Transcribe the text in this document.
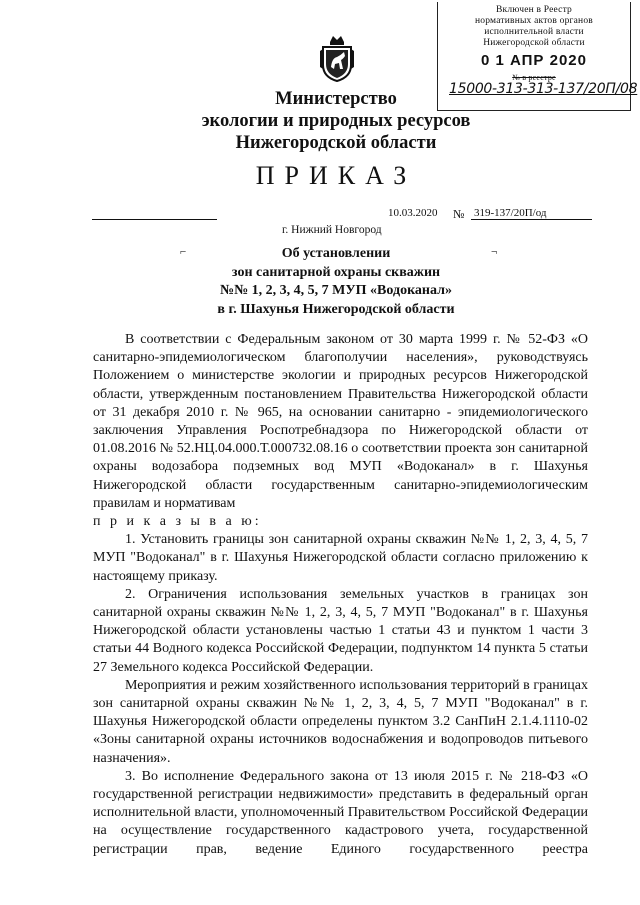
Включен в Реестр
нормативных актов органов
исполнительной власти
Нижегородской области
0 1 АПР 2020
№ в реестре
15000-313-313-137/20П/08
Министерство
экологии и природных ресурсов
Нижегородской области
ПРИКАЗ
10.03.2020 № 319-137/20П/од
г. Нижний Новгород
⌐	¬
Об установлении
зон санитарной охраны скважин
№№ 1, 2, 3, 4, 5, 7 МУП «Водоканал»
в г. Шахунья Нижегородской области

В соответствии с Федеральным законом от 30 марта 1999 г. № 52-ФЗ «О санитарно-эпидемиологическом благополучии населения», руководствуясь Положением о министерстве экологии и природных ресурсов Нижегородской области, утвержденным постановлением Правительства Нижегородской области от 31 декабря 2010 г. № 965, на основании санитарно - эпидемиологического заключения Управления Роспотребнадзора по Нижегородской области от 01.08.2016 № 52.НЦ.04.000.Т.000732.08.16 о соответствии проекта зон санитарной охраны водозабора подземных вод МУП «Водоканал» в г. Шахунья Нижегородской области государственным санитарно-эпидемиологическим правилам и нормативам

п р и к а з ы в а ю:

1. Установить границы зон санитарной охраны скважин №№ 1, 2, 3, 4, 5, 7 МУП "Водоканал" в г. Шахунья Нижегородской области согласно приложению к настоящему приказу.

2. Ограничения использования земельных участков в границах зон санитарной охраны скважин №№ 1, 2, 3, 4, 5, 7 МУП "Водоканал" в г. Шахунья Нижегородской области установлены частью 1 статьи 43 и пунктом 1 части 3 статьи 44 Водного кодекса Российской Федерации, подпунктом 14 пункта 5 статьи 27 Земельного кодекса Российской Федерации.

Мероприятия и режим хозяйственного использования территорий в границах зон санитарной охраны скважин №№ 1, 2, 3, 4, 5, 7 МУП "Водоканал" в г. Шахунья Нижегородской области определены пунктом 3.2 СанПиН 2.1.4.1110-02 «Зоны санитарной охраны источников водоснабжения и водопроводов питьевого назначения».

3. Во исполнение Федерального закона от 13 июля 2015 г. № 218-ФЗ «О государственной регистрации недвижимости» представить в федеральный орган исполнительной власти, уполномоченный Правительством Российской Федерации на осуществление государственного кадастрового учета, государственной регистрации прав, ведение Единого государственного реестра
